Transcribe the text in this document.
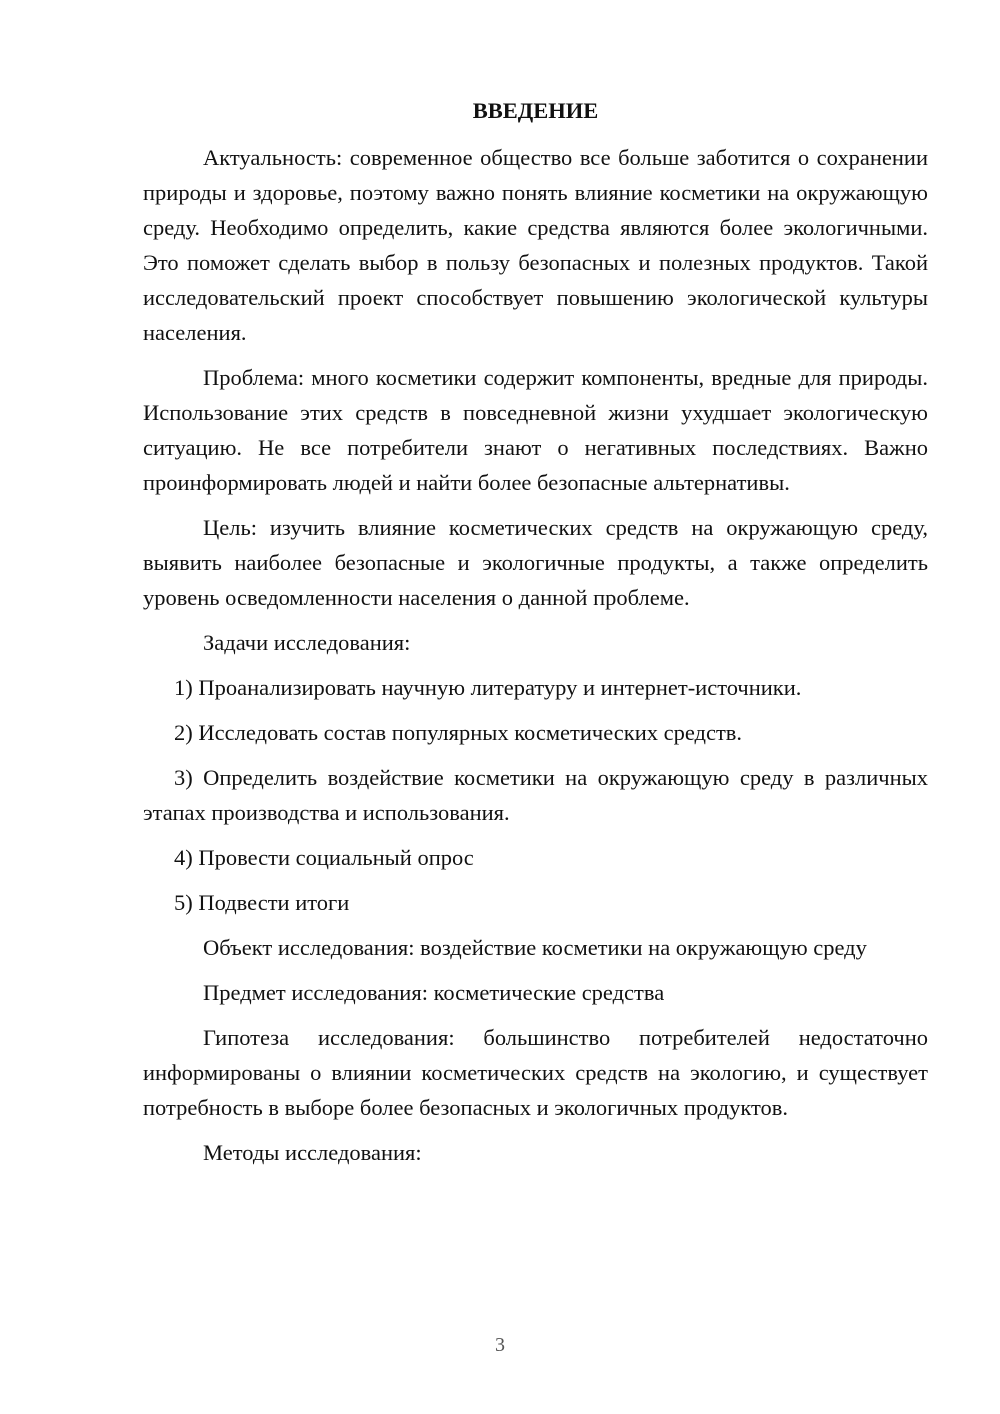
ВВЕДЕНИЕ

Актуальность: современное общество все больше заботится о сохранении природы и здоровье, поэтому важно понять влияние косметики на окружающую среду. Необходимо определить, какие средства являются более экологичными. Это поможет сделать выбор в пользу безопасных и полезных продуктов. Такой исследовательский проект способствует повышению экологической культуры населения.

Проблема: много косметики содержит компоненты, вредные для природы. Использование этих средств в повседневной жизни ухудшает экологическую ситуацию. Не все потребители знают о негативных последствиях. Важно проинформировать людей и найти более безопасные альтернативы.

Цель: изучить влияние косметических средств на окружающую среду, выявить наиболее безопасные и экологичные продукты, а также определить уровень осведомленности населения о данной проблеме.

Задачи исследования:

1) Проанализировать научную литературу и интернет-источники.

2) Исследовать состав популярных косметических средств.

3) Определить воздействие косметики на окружающую среду в различных этапах производства и использования.

4) Провести социальный опрос

5) Подвести итоги

Объект исследования: воздействие косметики на окружающую среду

Предмет исследования: косметические средства

Гипотеза исследования: большинство потребителей недостаточно информированы о влиянии косметических средств на экологию, и существует потребность в выборе более безопасных и экологичных продуктов.

Методы исследования:

3
